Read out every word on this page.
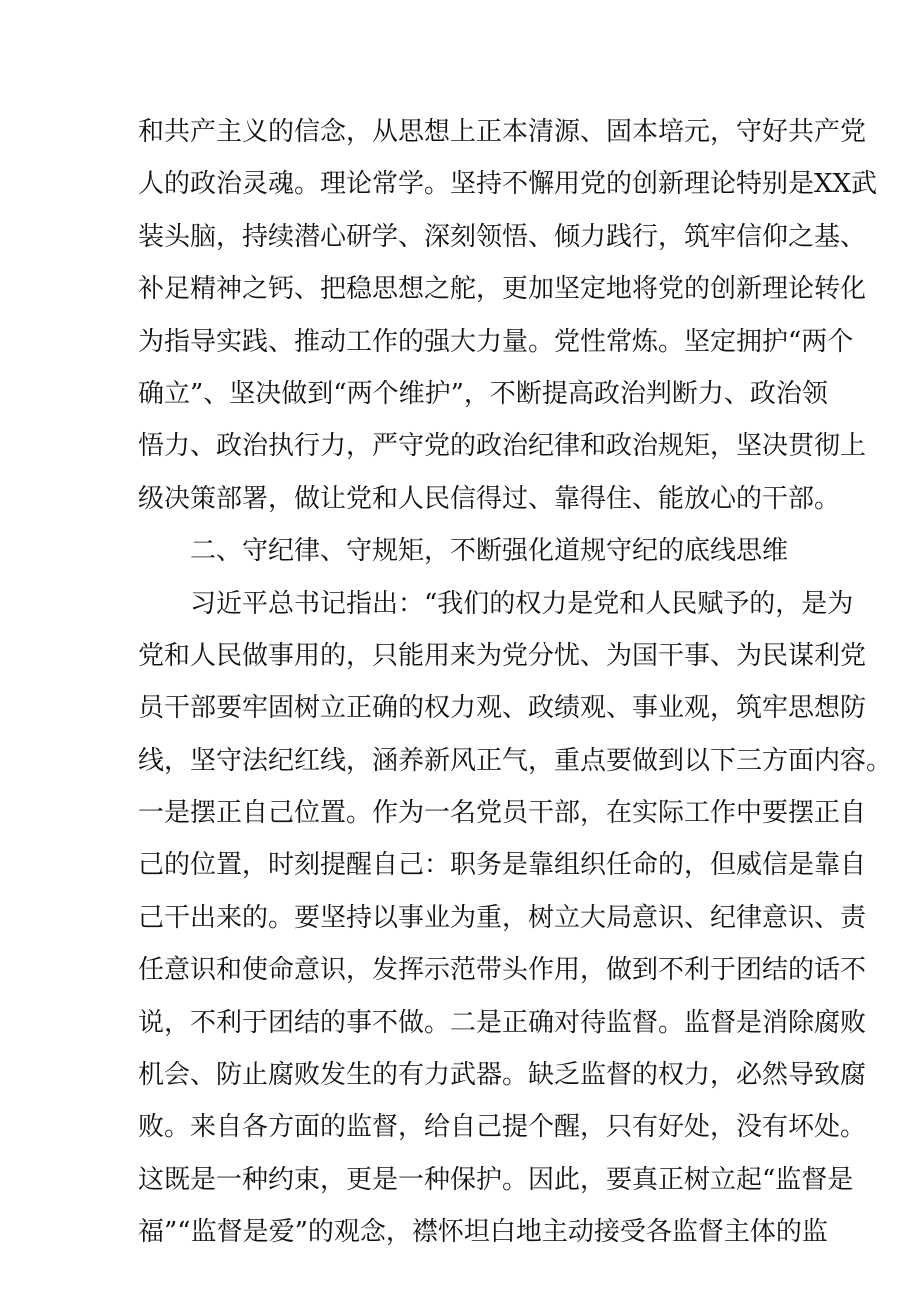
和共产主义的信念，从思想上正本清源、固本培元，守好共产党
人的政治灵魂。理论常学。坚持不懈用党的创新理论特别是XX武
装头脑，持续潜心研学、深刻领悟、倾力践行，筑牢信仰之基、
补足精神之钙、把稳思想之舵，更加坚定地将党的创新理论转化
为指导实践、推动工作的强大力量。党性常炼。坚定拥护“两个
确立”、坚决做到“两个维护”，不断提高政治判断力、政治领
悟力、政治执行力，严守党的政治纪律和政治规矩，坚决贯彻上
级决策部署，做让党和人民信得过、靠得住、能放心的干部。
二、守纪律、守规矩，不断强化道规守纪的底线思维
习近平总书记指出：“我们的权力是党和人民赋予的，是为
党和人民做事用的，只能用来为党分忧、为国干事、为民谋利党
员干部要牢固树立正确的权力观、政绩观、事业观，筑牢思想防
线，坚守法纪红线，涵养新风正气，重点要做到以下三方面内容。
一是摆正自己位置。作为一名党员干部，在实际工作中要摆正自
己的位置，时刻提醒自己：职务是靠组织任命的，但威信是靠自
己干出来的。要坚持以事业为重，树立大局意识、纪律意识、责
任意识和使命意识，发挥示范带头作用，做到不利于团结的话不
说，不利于团结的事不做。二是正确对待监督。监督是消除腐败
机会、防止腐败发生的有力武器。缺乏监督的权力，必然导致腐
败。来自各方面的监督，给自己提个醒，只有好处，没有坏处。
这既是一种约束，更是一种保护。因此，要真正树立起“监督是
福”“监督是爱”的观念，襟怀坦白地主动接受各监督主体的监
